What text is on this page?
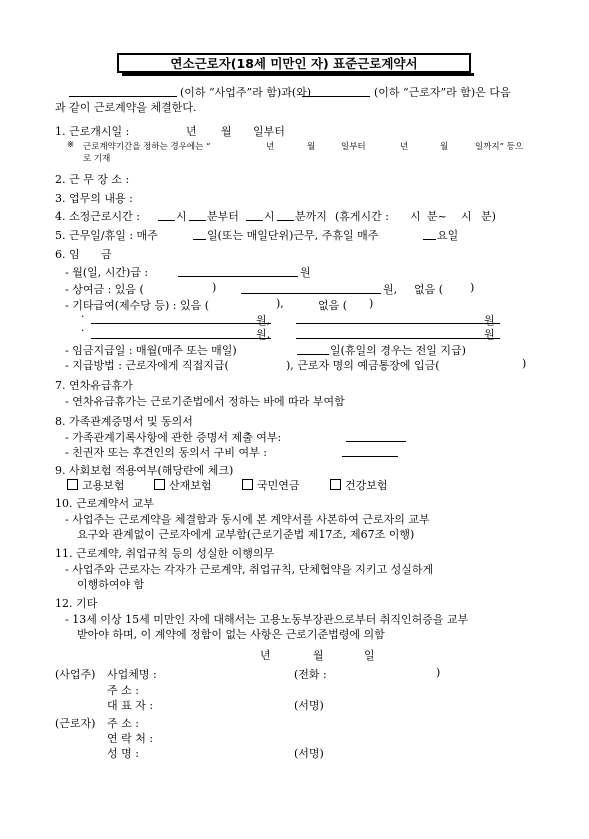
연소근로자(18세 미만인 자) 표준근로계약서
(이하 “사업주”라 함)과(와)	(이하 “근로자”라 함)은 다음
과 같이 근로계약을 체결한다.
1. 근로개시일 :	년 월 일부터
※ 근로계약기간을 정하는 경우에는 “	년	월	일부터	년	월	일까지” 등으
로 기재
2. 근 무 장 소 :
3. 업무의 내용 :
4. 소정근로시간 :	시 분부터 시 분까지 (휴게시간 : 시 분~ 시 분)
5. 근무일/휴일 : 매주	일(또는 매일단위)근무, 주휴일 매주	요일
6. 임 금
- 월(일, 시간)급 :	원
- 상여금 : 있음 (	)	원, 없음 ( )
- 기타급여(제수당 등) : 있음 (	),	없음 ( )
·	원,	원
·	원,	원
- 임금지급일 : 매월(매주 또는 매일)	일(휴일의 경우는 전일 지급)
- 지급방법 : 근로자에게 직접지급(	), 근로자 명의 예금통장에 입금(	)
7. 연차유급휴가
- 연차유급휴가는 근로기준법에서 정하는 바에 따라 부여함
8. 가족관계증명서 및 동의서
- 가족관계기록사항에 관한 증명서 제출 여부:
- 친권자 또는 후견인의 동의서 구비 여부 :
9. 사회보험 적용여부(해당란에 체크)
고용보험	산재보험	국민연금	건강보험
10. 근로계약서 교부
- 사업주는 근로계약을 체결함과 동시에 본 계약서를 사본하여 근로자의 교부
요구와 관계없이 근로자에게 교부함(근로기준법 제17조, 제67조 이행)
11. 근로계약, 취업규칙 등의 성실한 이행의무
- 사업주와 근로자는 각자가 근로계약, 취업규칙, 단체협약을 지키고 성실하게
이행하여야 함
12. 기타
- 13세 이상 15세 미만인 자에 대해서는 고용노동부장관으로부터 취직인허증을 교부
받아야 하며, 이 계약에 정함이 없는 사항은 근로기준법령에 의함
년	월	일
(사업주) 사업체명 :	(전화 :	)
주 소 :
대 표 자 :	(서명)
(근로자) 주 소 :
연 락 처 :
성 명 :	(서명)
